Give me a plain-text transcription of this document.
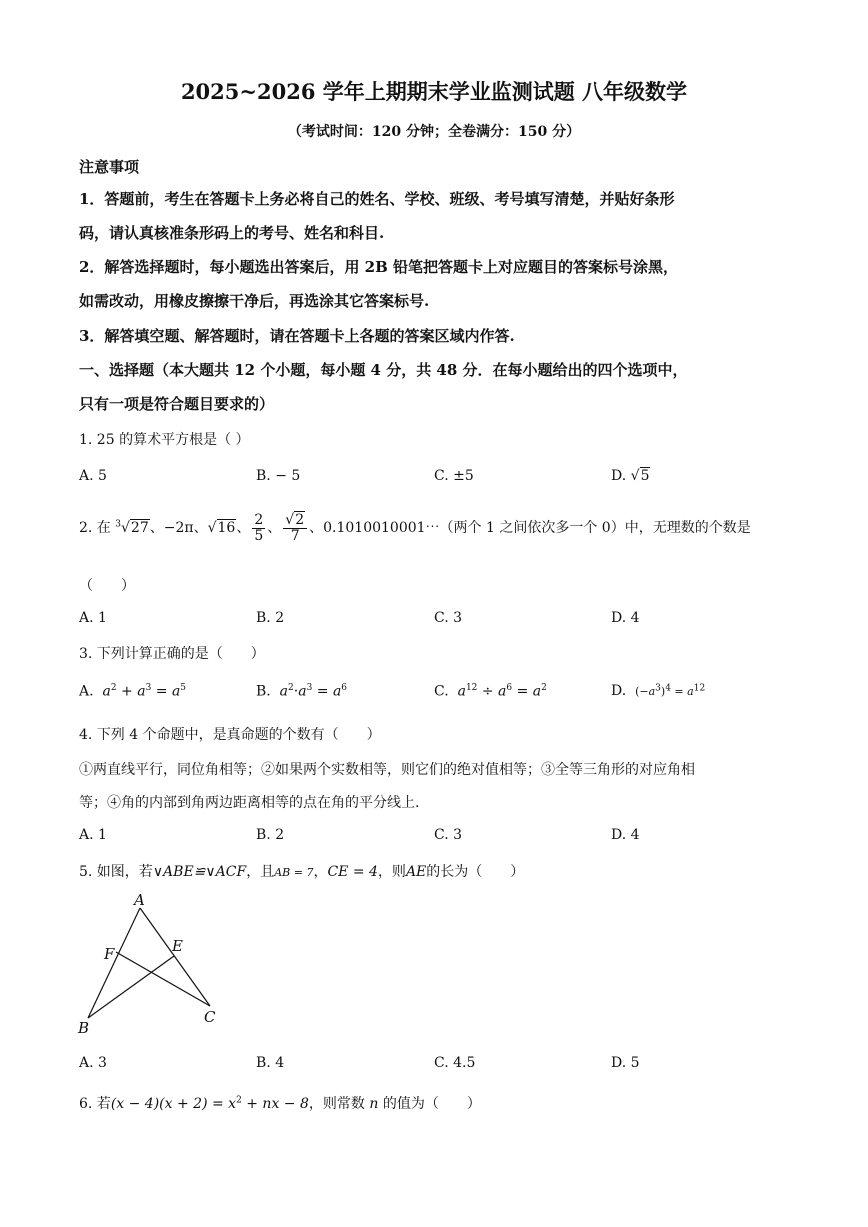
2025~2026 学年上期期末学业监测试题 八年级数学
（考试时间：120 分钟；全卷满分：150 分）
注意事项
1．答题前，考生在答题卡上务必将自己的姓名、学校、班级、考号填写清楚，并贴好条形
码，请认真核准条形码上的考号、姓名和科目.
2．解答选择题时，每小题选出答案后，用 2B 铅笔把答题卡上对应题目的答案标号涂黑，
如需改动，用橡皮擦擦干净后，再选涂其它答案标号.
3．解答填空题、解答题时，请在答题卡上各题的答案区域内作答.
一、选择题（本大题共 12 个小题，每小题 4 分，共 48 分．在每小题给出的四个选项中，
只有一项是符合题目要求的）
1. 25 的算术平方根是（ ）
A. 5	B. − 5	C. ±5	D. √5
2. 在 $^3$√27、−2π、√16、 $\frac{2}{5}$ 、 $\frac{√2}{7}$ 、0.1010010001⋯（两个 1 之间依次多一个 0）中，无理数的个数是
（　　）
A. 1	B. 2	C. 3	D. 4
3. 下列计算正确的是（　　）
A. $a^2 + a^3 = a^5$	B. $a^2\cdot a^3 = a^6$	C. $a^{12} \div a^6 = a^2$	D. $(-a^3)^4 = a^{12}$
4. 下列 4 个命题中，是真命题的个数有（　　）
①两直线平行，同位角相等；②如果两个实数相等，则它们的绝对值相等；③全等三角形的对应角相
等；④角的内部到角两边距离相等的点在角的平分线上.
A. 1	B. 2	C. 3	D. 4
5. 如图，若∨ABE≌∨ACF，且AB = 7，CE = 4，则AE的长为（　　）
A
F	E
B
C
A. 3	B. 4	C. 4.5	D. 5
6. 若$(x - 4)(x + 2) = x^2$ + nx − 8，则常数 n 的值为（　　）
